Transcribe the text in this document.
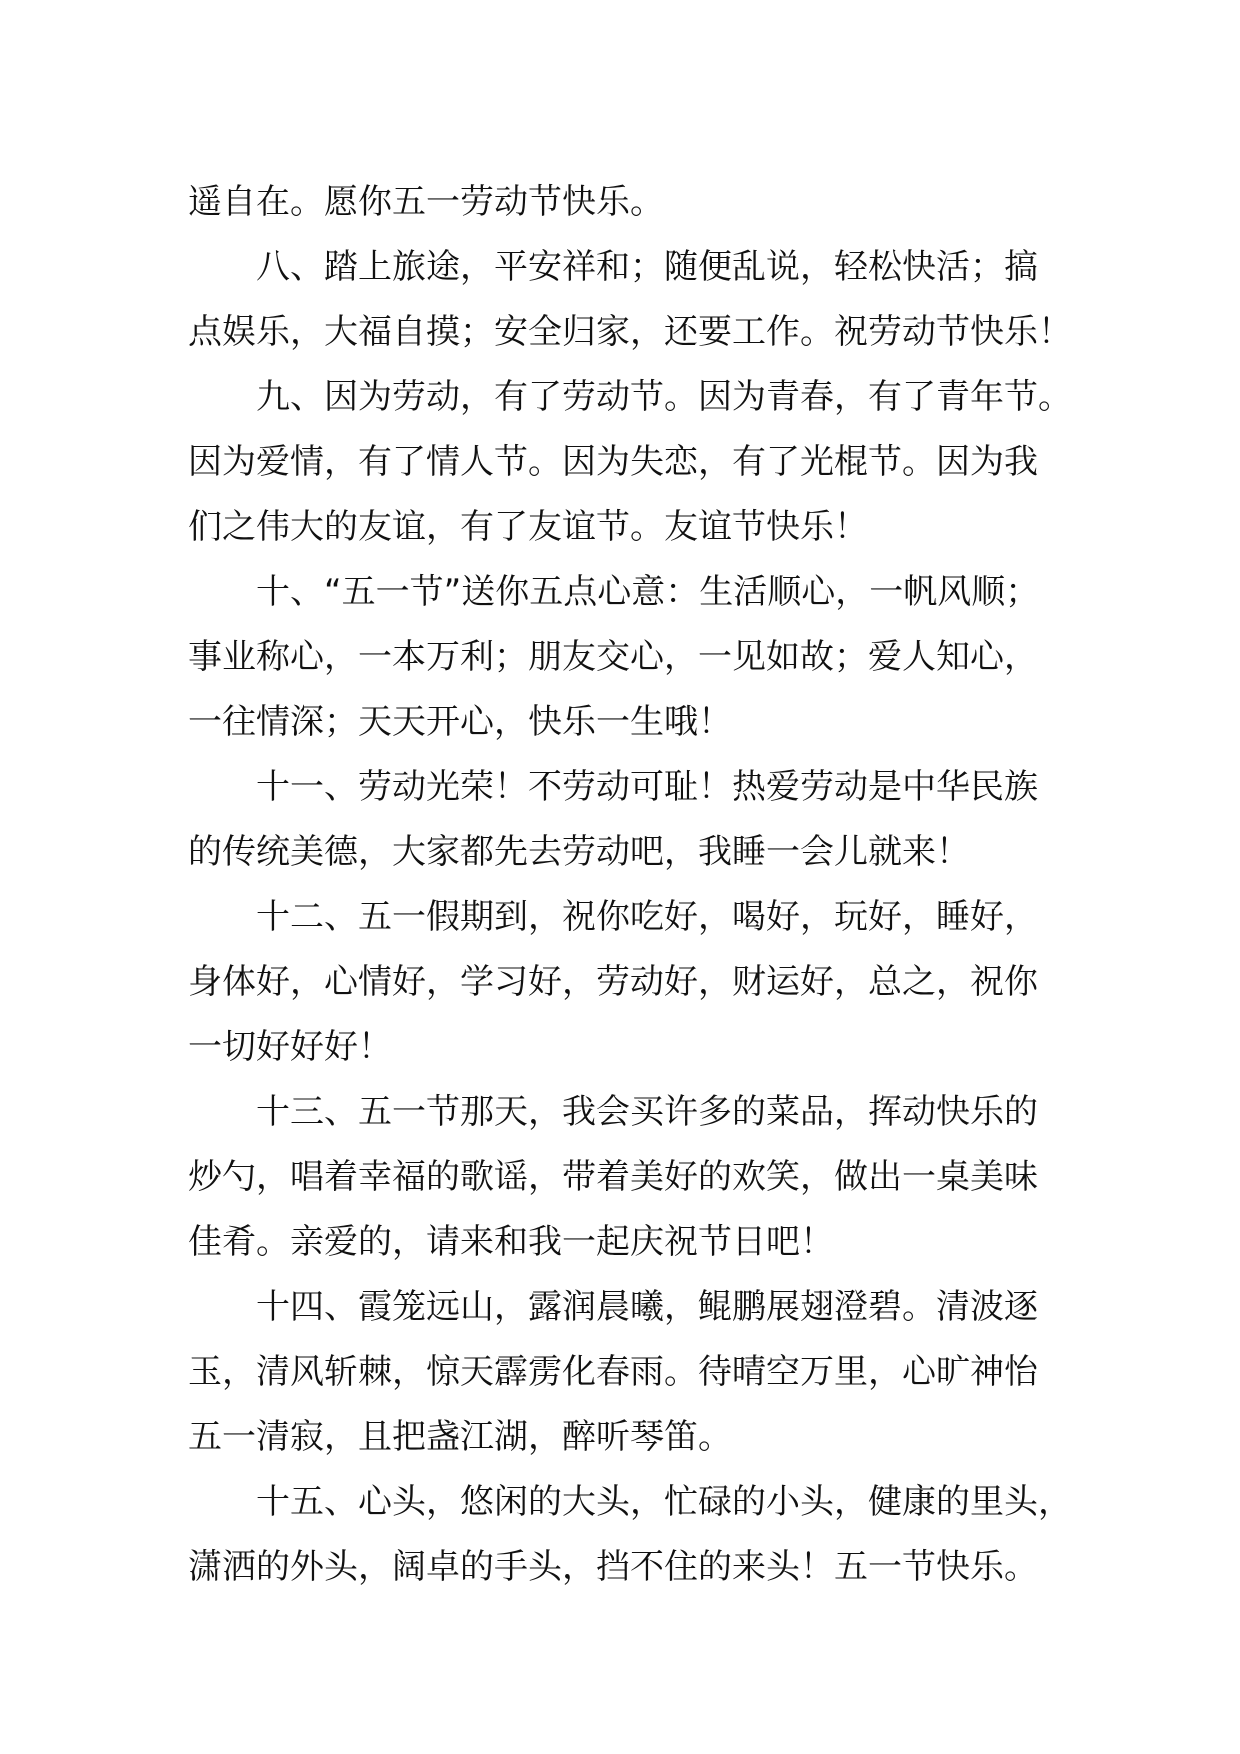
遥自在。愿你五一劳动节快乐。
八、踏上旅途，平安祥和；随便乱说，轻松快活；搞
点娱乐，大福自摸；安全归家，还要工作。祝劳动节快乐！
九、因为劳动，有了劳动节。因为青春，有了青年节。
因为爱情，有了情人节。因为失恋，有了光棍节。因为我
们之伟大的友谊，有了友谊节。友谊节快乐！
十、“五一节”送你五点心意：生活顺心，一帆风顺；
事业称心，一本万利；朋友交心，一见如故；爱人知心，
一往情深；天天开心，快乐一生哦！
十一、劳动光荣！不劳动可耻！热爱劳动是中华民族
的传统美德，大家都先去劳动吧，我睡一会儿就来！
十二、五一假期到，祝你吃好，喝好，玩好，睡好，
身体好，心情好，学习好，劳动好，财运好，总之，祝你
一切好好好！
十三、五一节那天，我会买许多的菜品，挥动快乐的
炒勺，唱着幸福的歌谣，带着美好的欢笑，做出一桌美味
佳肴。亲爱的，请来和我一起庆祝节日吧！
十四、霞笼远山，露润晨曦，鲲鹏展翅澄碧。清波逐
玉，清风斩棘，惊天霹雳化春雨。待晴空万里，心旷神怡
五一清寂，且把盏江湖，醉听琴笛。
十五、心头，悠闲的大头，忙碌的小头，健康的里头，
潇洒的外头，阔卓的手头，挡不住的来头！五一节快乐。
